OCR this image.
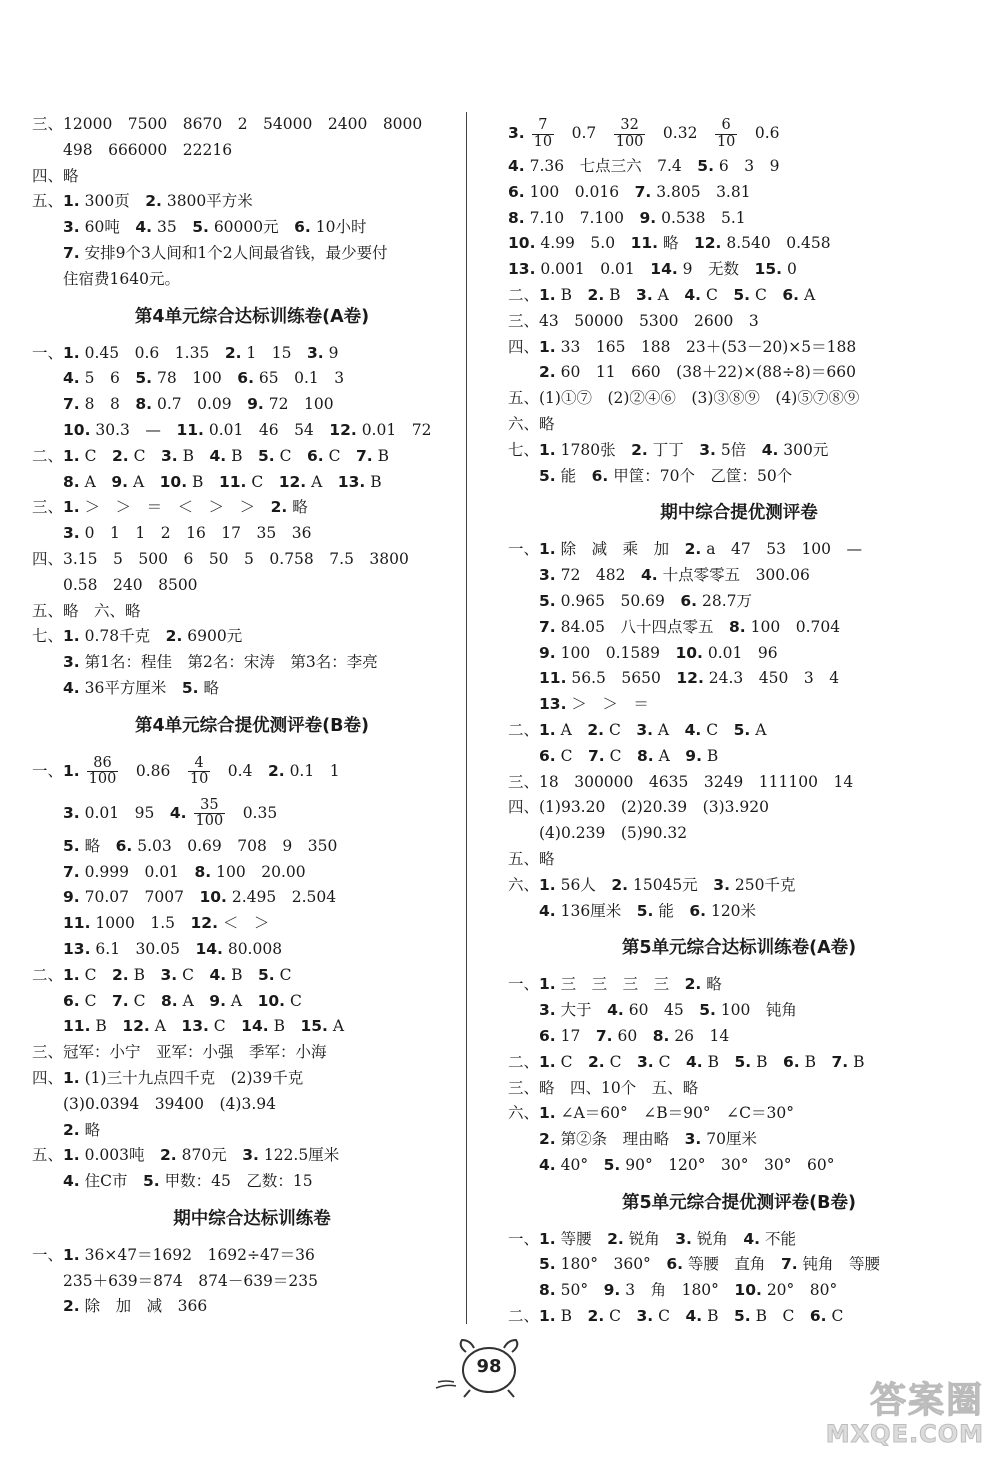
三、12000　7500　8670　2　54000　2400　8000
　　498　666000　22216
四、略
五、1. 300页　2. 3800平方米
　　3. 60吨　4. 35　5. 60000元　6. 10小时
　　7. 安排9个3人间和1个2人间最省钱，最少要付
　　住宿费1640元。
第4单元综合达标训练卷(A卷)
一、1. 0.45　0.6　1.35　2. 1　15　3. 9
　　4. 5　6　5. 78　100　6. 65　0.1　3
　　7. 8　8　8. 0.7　0.09　9. 72　100
　　10. 30.3　—　11. 0.01　46　54　12. 0.01　72
二、1. C　2. C　3. B　4. B　5. C　6. C　7. B
　　8. A　9. A　10. B　11. C　12. A　13. B
三、1. ＞　＞　＝　＜　＞　＞　2. 略
　　3. 0　1　1　2　16　17　35　36
四、3.15　5　500　6　50　5　0.758　7.5　3800
　　0.58　240　8500
五、略　六、略
七、1. 0.78千克　2. 6900元
　　3. 第1名：程佳　第2名：宋涛　第3名：李亮
　　4. 36平方厘米　5. 略
第4单元综合提优测评卷(B卷)
一、1. $\frac{86}{100}$ 　0.86　 $\frac{4}{10}$ 　0.4　2. 0.1　1
　　3. 0.01　95　4. $\frac{35}{100}$ 　0.35
　　5. 略　6. 5.03　0.69　708　9　350
　　7. 0.999　0.01　8. 100　20.00
　　9. 70.07　7007　10. 2.495　2.504
　　11. 1000　1.5　12. ＜　＞
　　13. 6.1　30.05　14. 80.008
二、1. C　2. B　3. C　4. B　5. C
　　6. C　7. C　8. A　9. A　10. C
　　11. B　12. A　13. C　14. B　15. A
三、冠军：小宁　亚军：小强　季军：小海
四、1. (1)三十九点四千克　(2)39千克
　　(3)0.0394　39400　(4)3.94
　　2. 略
五、1. 0.003吨　2. 870元　3. 122.5厘米
　　4. 住C市　5. 甲数：45　乙数：15
期中综合达标训练卷
一、1. 36×47＝1692　1692÷47＝36
　　235＋639＝874　874－639＝235
　　2. 除　加　减　366
3. $\frac{7}{10}$ 　0.7　 $\frac{32}{100}$ 　0.32　 $\frac{6}{10}$ 　0.6
4. 7.36　七点三六　7.4　5. 6　3　9
6. 100　0.016　7. 3.805　3.81
8. 7.10　7.100　9. 0.538　5.1
10. 4.99　5.0　11. 略　12. 8.540　0.458
13. 0.001　0.01　14. 9　无数　15. 0
二、1. B　2. B　3. A　4. C　5. C　6. A
三、43　50000　5300　2600　3
四、1. 33　165　188　23＋(53－20)×5＝188
　　2. 60　11　660　(38＋22)×(88÷8)＝660
五、(1)①⑦　(2)②④⑥　(3)③⑧⑨　(4)⑤⑦⑧⑨
六、略
七、1. 1780张　2. 丁丁　3. 5倍　4. 300元
　　5. 能　6. 甲筐：70个　乙筐：50个
期中综合提优测评卷
一、1. 除　减　乘　加　2. a　47　53　100　—
　　3. 72　482　4. 十点零零五　300.06
　　5. 0.965　50.69　6. 28.7万
　　7. 84.05　八十四点零五　8. 100　0.704
　　9. 100　0.1589　10. 0.01　96
　　11. 56.5　5650　12. 24.3　450　3　4
　　13. ＞　＞　＝
二、1. A　2. C　3. A　4. C　5. A
　　6. C　7. C　8. A　9. B
三、18　300000　4635　3249　111100　14
四、(1)93.20　(2)20.39　(3)3.920
　　(4)0.239　(5)90.32
五、略
六、1. 56人　2. 15045元　3. 250千克
　　4. 136厘米　5. 能　6. 120米
第5单元综合达标训练卷(A卷)
一、1. 三　三　三　三　2. 略
　　3. 大于　4. 60　45　5. 100　钝角
　　6. 17　7. 60　8. 26　14
二、1. C　2. C　3. C　4. B　5. B　6. B　7. B
三、略　四、10个　五、略
六、1. ∠A＝60°　∠B＝90°　∠C＝30°
　　2. 第②条　理由略　3. 70厘米
　　4. 40°　5. 90°　120°　30°　30°　60°
第5单元综合提优测评卷(B卷)
一、1. 等腰　2. 锐角　3. 锐角　4. 不能
　　5. 180°　360°　6. 等腰　直角　7. 钝角　等腰
　　8. 50°　9. 3　角　180°　10. 20°　80°
二、1. B　2. C　3. C　4. B　5. B　C　6. C
98
答案圈
MXQE.COM
